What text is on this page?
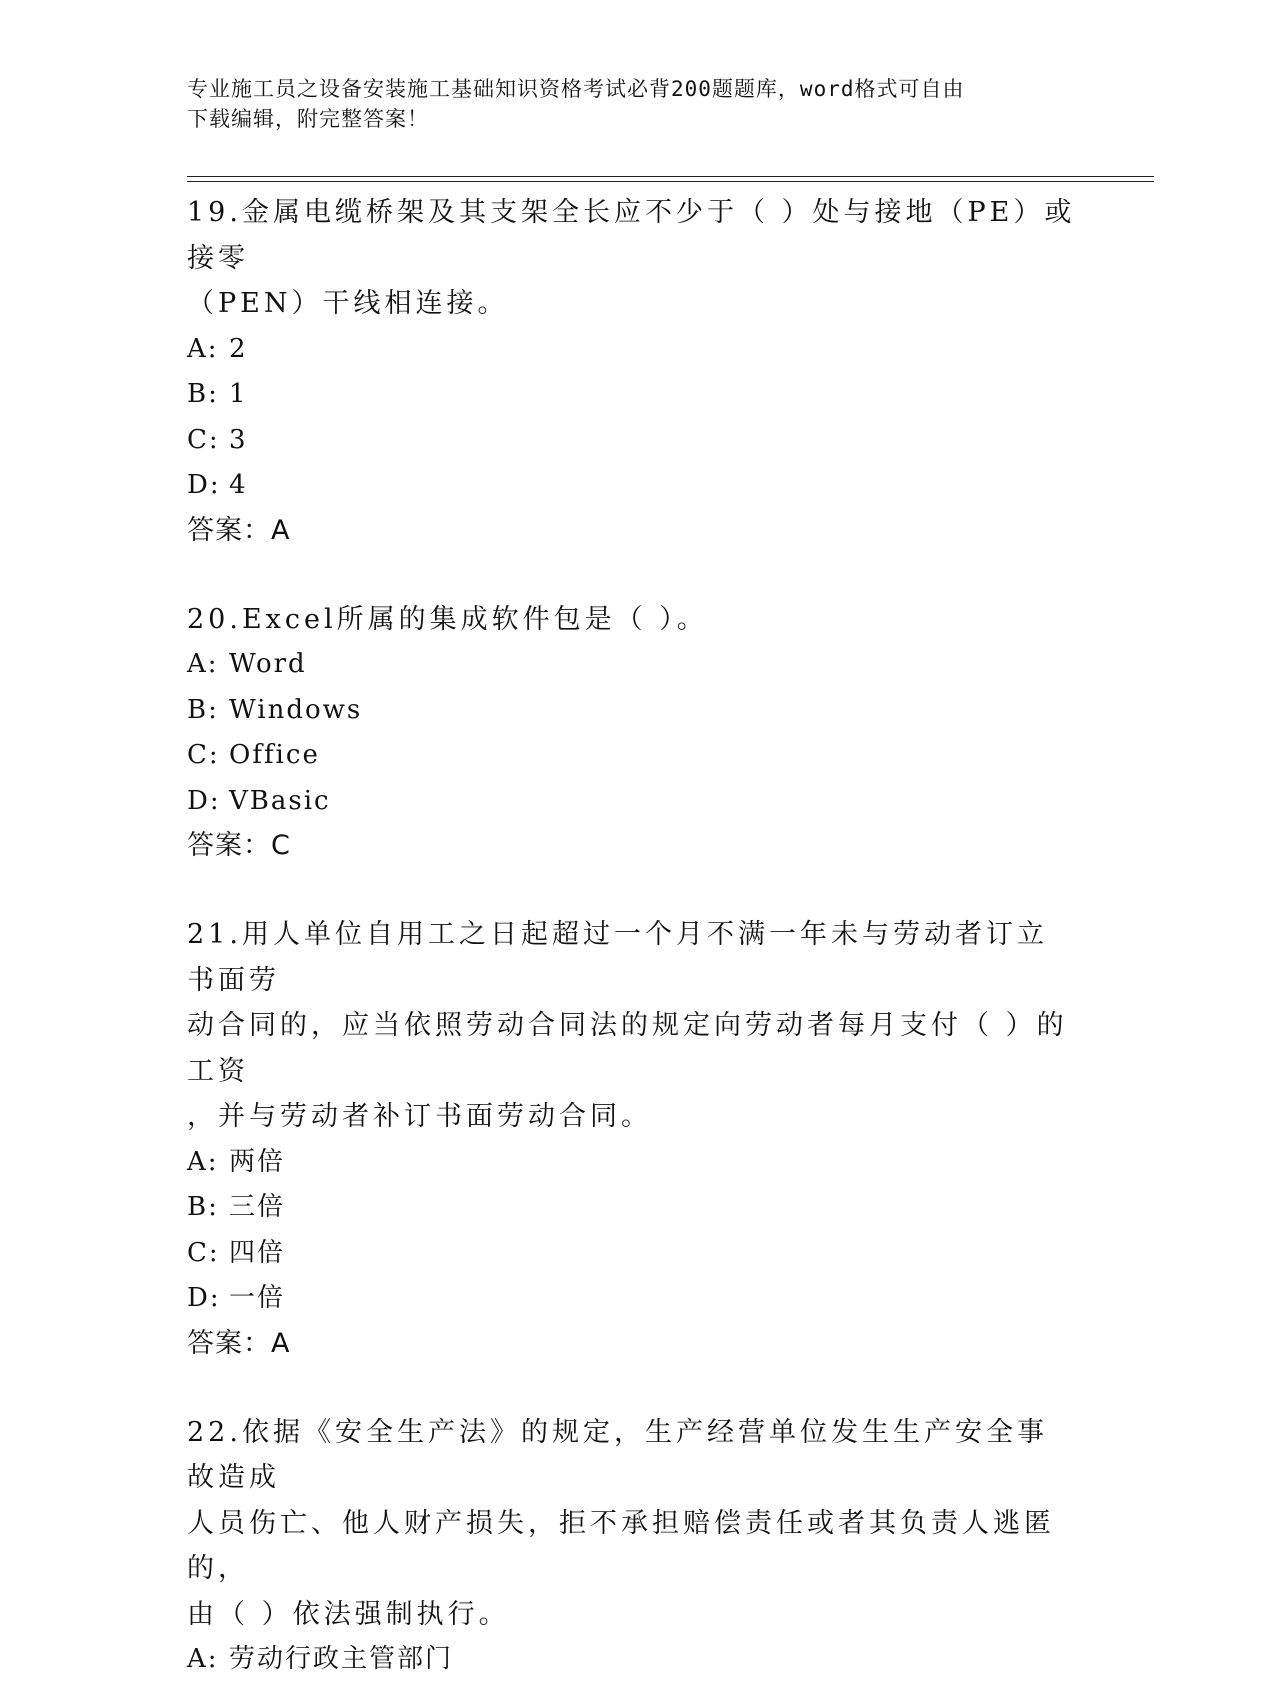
专业施工员之设备安装施工基础知识资格考试必背200题题库，word格式可自由
下载编辑，附完整答案！
19.金属电缆桥架及其支架全长应不少于（ ）处与接地（PE）或接零
（PEN）干线相连接。
A: 2
B: 1
C: 3
D: 4
答案：A
20.Excel所属的集成软件包是（ ）。
A: Word
B: Windows
C: Office
D: VBasic
答案：C
21.用人单位自用工之日起超过一个月不满一年未与劳动者订立书面劳
动合同的，应当依照劳动合同法的规定向劳动者每月支付（ ）的工资
，并与劳动者补订书面劳动合同。
A: 两倍
B: 三倍
C: 四倍
D: 一倍
答案：A
22.依据《安全生产法》的规定，生产经营单位发生生产安全事故造成
人员伤亡、他人财产损失，拒不承担赔偿责任或者其负责人逃匿的，
由（ ）依法强制执行。
A: 劳动行政主管部门
